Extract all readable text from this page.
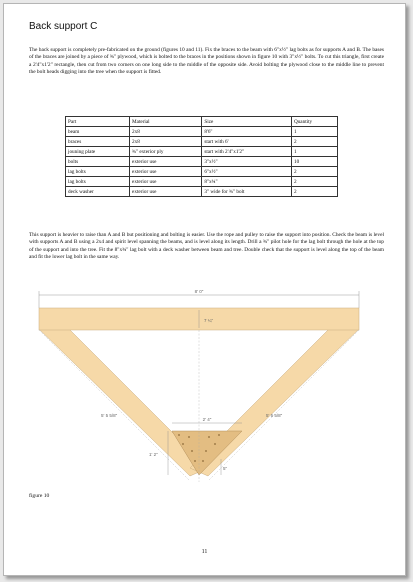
Back support C

The back support is completely pre-fabricated on the ground (figures 10 and 11). Fix the braces to the beam with 6"x½" lag bolts as for supports A and B. The bases of the braces are joined by a piece of ¾" plywood, which is bolted to the braces in the positions shown in figure 10 with 3"x½" bolts. To cut this triangle, first create a 2'4"x1'2" rectangle, then cut from two corners on one long side to the middle of the opposite side. Avoid bolting the plywood close to the middle line to prevent the bolt heads digging into the tree when the support is fitted.

Part	Material	Size	Quantity
beam	2x8	8'6"	1
braces	2x8	start with 6'	2
jouning plate	¾" exterior ply	start with 2'4"x1'2"	1
bolts	exterior use	3"x½"	10
lag bolts	exterior use	6"x½"	2
lag bolts	exterior use	8"x¾"	2
deck washer	exterior use	3" wide for ¾" bolt	2

This support is heavier to raise than A and B but positioning and bolting is easier. Use the rope and pulley to raise the support into position. Check the beam is level with supports A and B using a 2x4 and spirit level spanning the beams, and is level along its length. Drill a ¾" pilot hole for the lag bolt through the hole at the top of the support and into the tree. Fit the 8"x¾" lag bolt with a deck washer between beam and tree. Double check that the support is level along the top of the beam and fit the lower lag bolt in the same way.

8' 0"
7 ¼"
5' 5 5/8"	5' 5 5/8"
2' 4"
1' 2"
5"

figure 10

11
